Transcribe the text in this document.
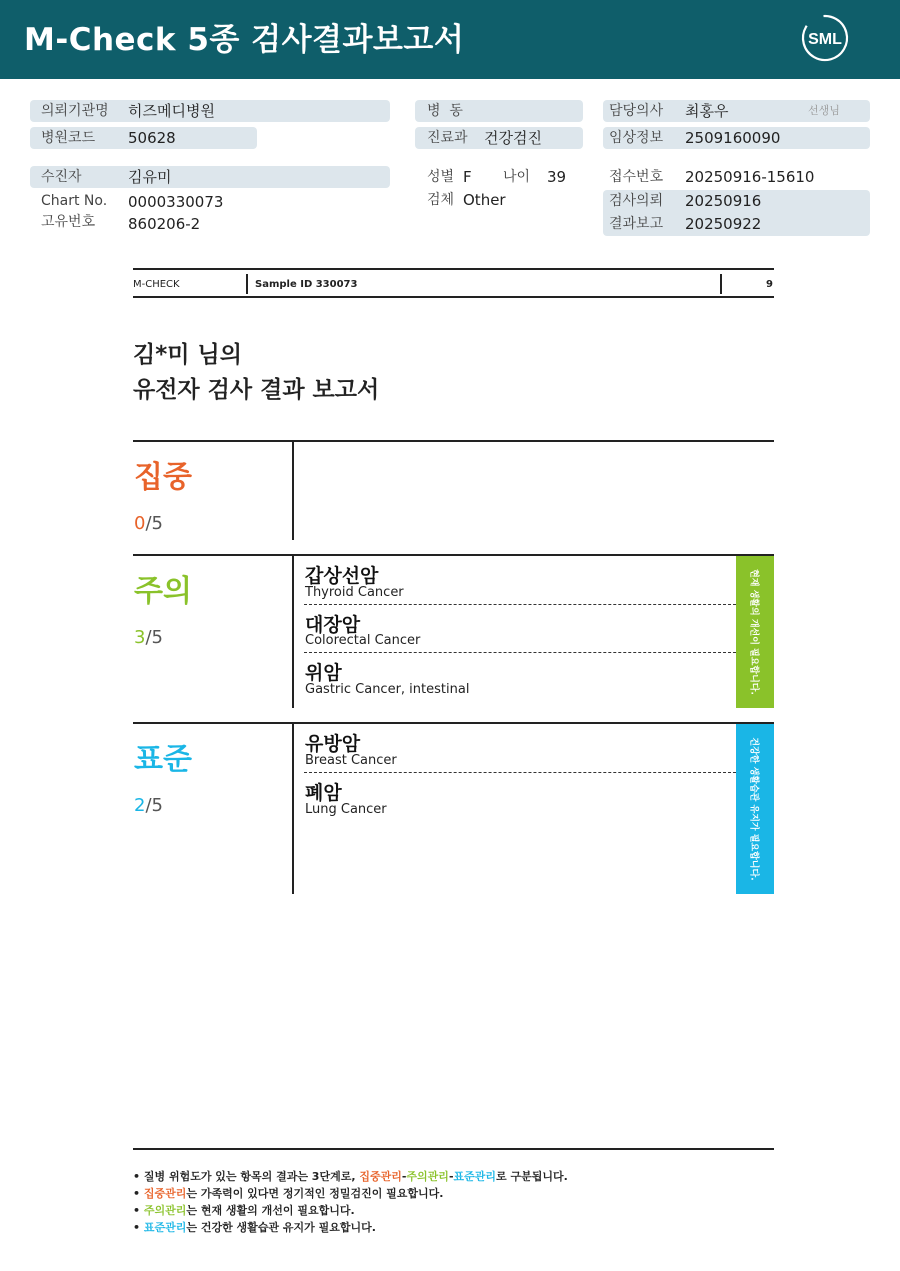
M-Check 5종 검사결과보고서	SML
의뢰기관명 히즈메디병원
병원코드 50628
수진자	김유미
Chart No. 0000330073
고유번호 860206-2
병  동
진료과 건강검진
성별 F 나이 39
검체 Other
담당의사 최홍우	선생님
임상정보 2509160090
접수번호 20250916-15610
검사의뢰 20250916
결과보고 20250922
M-CHECK	Sample ID 330073	9
김*미 님의
유전자 검사 결과 보고서
집중
0/5
주의
3/5
갑상선암
Thyroid Cancer
대장암
Colorectal Cancer
위암
Gastric Cancer, intestinal	현재 생활의 개선이 필요합니다.
표준
2/5
유방암
Breast Cancer
폐암
Lung Cancer	건강한 생활습관 유지가 필요합니다.
• 질병 위험도가 있는 항목의 결과는 3단계로, 집중관리-주의관리-표준관리로 구분됩니다.
• 집중관리는 가족력이 있다면 정기적인 정밀검진이 필요합니다.
• 주의관리는 현재 생활의 개선이 필요합니다.
• 표준관리는 건강한 생활습관 유지가 필요합니다.
